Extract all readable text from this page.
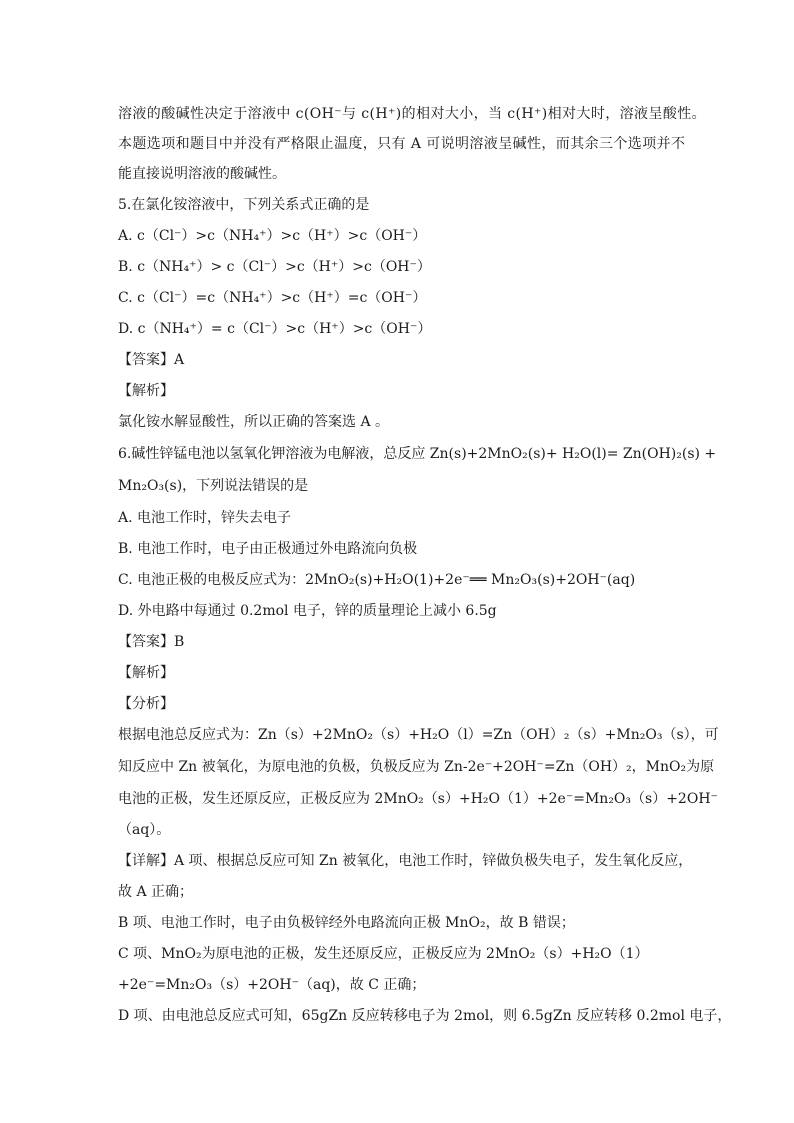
溶液的酸碱性决定于溶液中 c(OH⁻与 c(H⁺)的相对大小，当 c(H⁺)相对大时，溶液呈酸性。
本题选项和题目中并没有严格限止温度，只有 A 可说明溶液呈碱性，而其余三个选项并不
能直接说明溶液的酸碱性。
5.在氯化铵溶液中，下列关系式正确的是
A. c（Cl⁻）>c（NH₄⁺）>c（H⁺）>c（OH⁻）
B. c（NH₄⁺）> c（Cl⁻）>c（H⁺）>c（OH⁻）
C. c（Cl⁻）=c（NH₄⁺）>c（H⁺）=c（OH⁻）
D. c（NH₄⁺）= c（Cl⁻）>c（H⁺）>c（OH⁻）
【答案】A
【解析】
氯化铵水解显酸性，所以正确的答案选 A 。
6.碱性锌锰电池以氢氧化钾溶液为电解液，总反应 Zn(s)+2MnO₂(s)+ H₂O(l)= Zn(OH)₂(s) +
Mn₂O₃(s)，下列说法错误的是
A. 电池工作时，锌失去电子
B. 电池工作时，电子由正极通过外电路流向负极
C. 电池正极的电极反应式为：2MnO₂(s)+H₂O(1)+2e⁻══ Mn₂O₃(s)+2OH⁻(aq)
D. 外电路中每通过 0.2mol 电子，锌的质量理论上减小 6.5g
【答案】B
【解析】
【分析】
根据电池总反应式为：Zn（s）+2MnO₂（s）+H₂O（l）=Zn（OH）₂（s）+Mn₂O₃（s），可
知反应中 Zn 被氧化，为原电池的负极，负极反应为 Zn-2e⁻+2OH⁻=Zn（OH）₂，MnO₂为原
电池的正极，发生还原反应，正极反应为 2MnO₂（s）+H₂O（1）+2e⁻=Mn₂O₃（s）+2OH⁻
（aq）。
【详解】A 项、根据总反应可知 Zn 被氧化，电池工作时，锌做负极失电子，发生氧化反应，
故 A 正确；
B 项、电池工作时，电子由负极锌经外电路流向正极 MnO₂，故 B 错误；
C 项、MnO₂为原电池的正极，发生还原反应，正极反应为 2MnO₂（s）+H₂O（1）
+2e⁻=Mn₂O₃（s）+2OH⁻（aq)，故 C 正确；
D 项、由电池总反应式可知，65gZn 反应转移电子为 2mol，则 6.5gZn 反应转移 0.2mol 电子，
